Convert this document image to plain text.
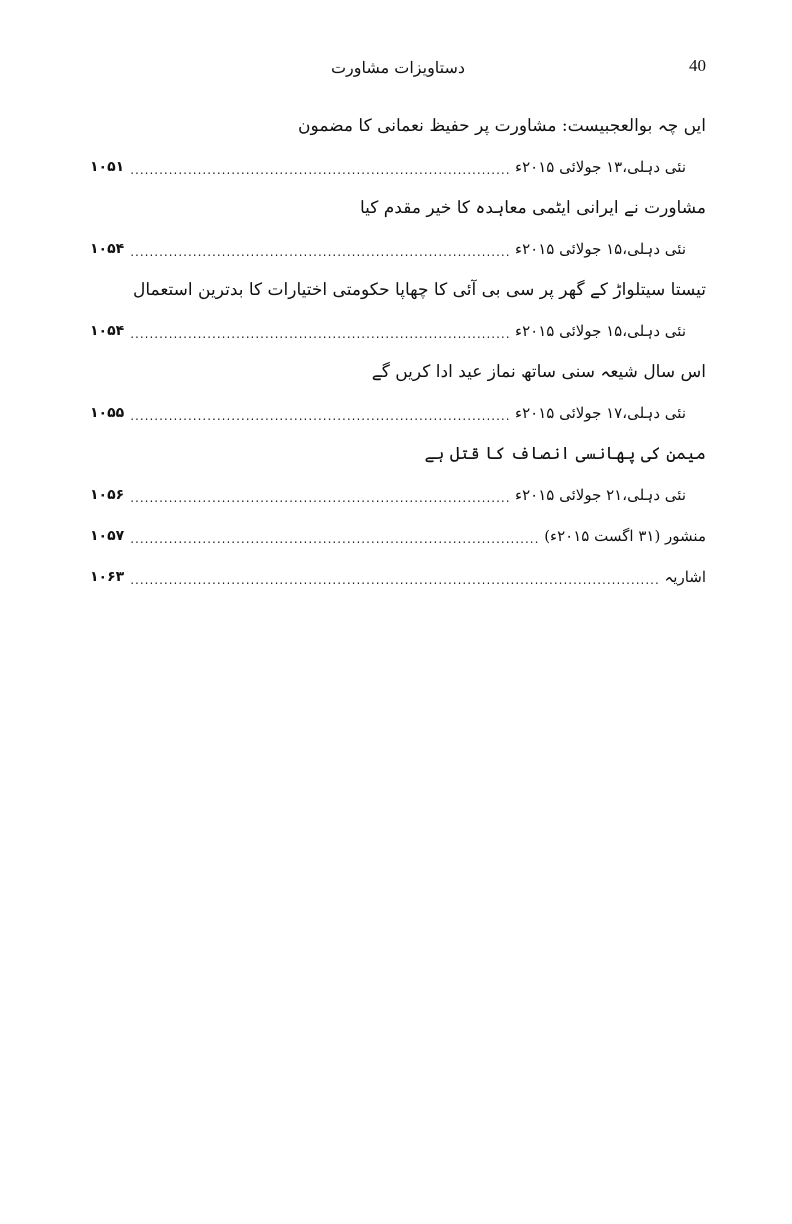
40
دستاویزات مشاورت
ایں چہ بوالعجبیست: مشاورت پر حفیظ نعمانی کا مضمون
نئی دہلی،۱۳ جولائی ۲۰۱۵ء
.....
۱۰۵۱
مشاورت نے ایرانی ایٹمی معاہدہ کا خیر مقدم کیا
نئی دہلی،۱۵ جولائی ۲۰۱۵ء
.....
۱۰۵۴
تیستا سیتلواڑ کے گھر پر سی بی آئی کا چھاپا حکومتی اختیارات کا بدترین استعمال
نئی دہلی،۱۵ جولائی ۲۰۱۵ء
.....
۱۰۵۴
اس سال شیعہ سنی ساتھ نماز عید ادا کریں گے
نئی دہلی،۱۷ جولائی ۲۰۱۵ء
.....
۱۰۵۵
میمن کی پھانسی انصاف کا قتل ہے
نئی دہلی،۲۱ جولائی ۲۰۱۵ء
.....
۱۰۵۶
منشور (۳۱ اگست ۲۰۱۵ء)
.....
۱۰۵۷
اشاریہ
.....
۱۰۶۳
